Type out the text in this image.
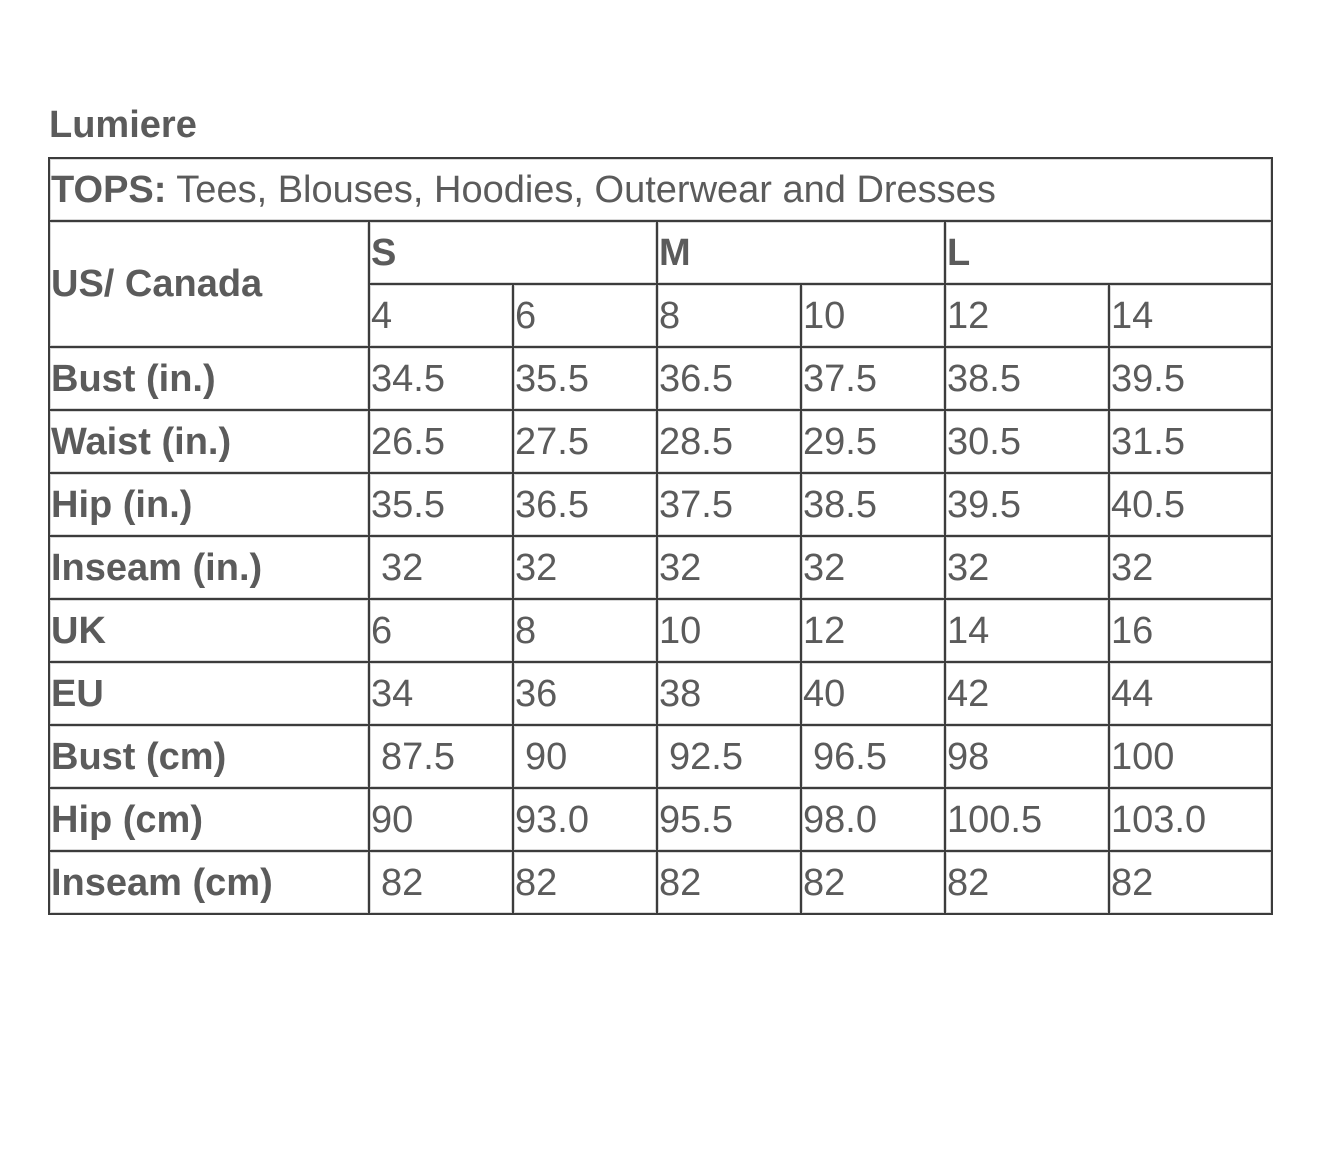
Lumiere
TOPS: Tees, Blouses, Hoodies, Outerwear and Dresses						
US/ Canada	S		M		L	
	4	6	8	10	12	14
Bust (in.)	34.5	35.5	36.5	37.5	38.5	39.5
Waist (in.)	26.5	27.5	28.5	29.5	30.5	31.5
Hip (in.)	35.5	36.5	37.5	38.5	39.5	40.5
Inseam (in.)	32	32	32	32	32	32
UK	6	8	10	12	14	16
EU	34	36	38	40	42	44
Bust (cm)	87.5	90	92.5	96.5	98	100
Hip (cm)	90	93.0	95.5	98.0	100.5	103.0
Inseam (cm)	82	82	82	82	82	82
